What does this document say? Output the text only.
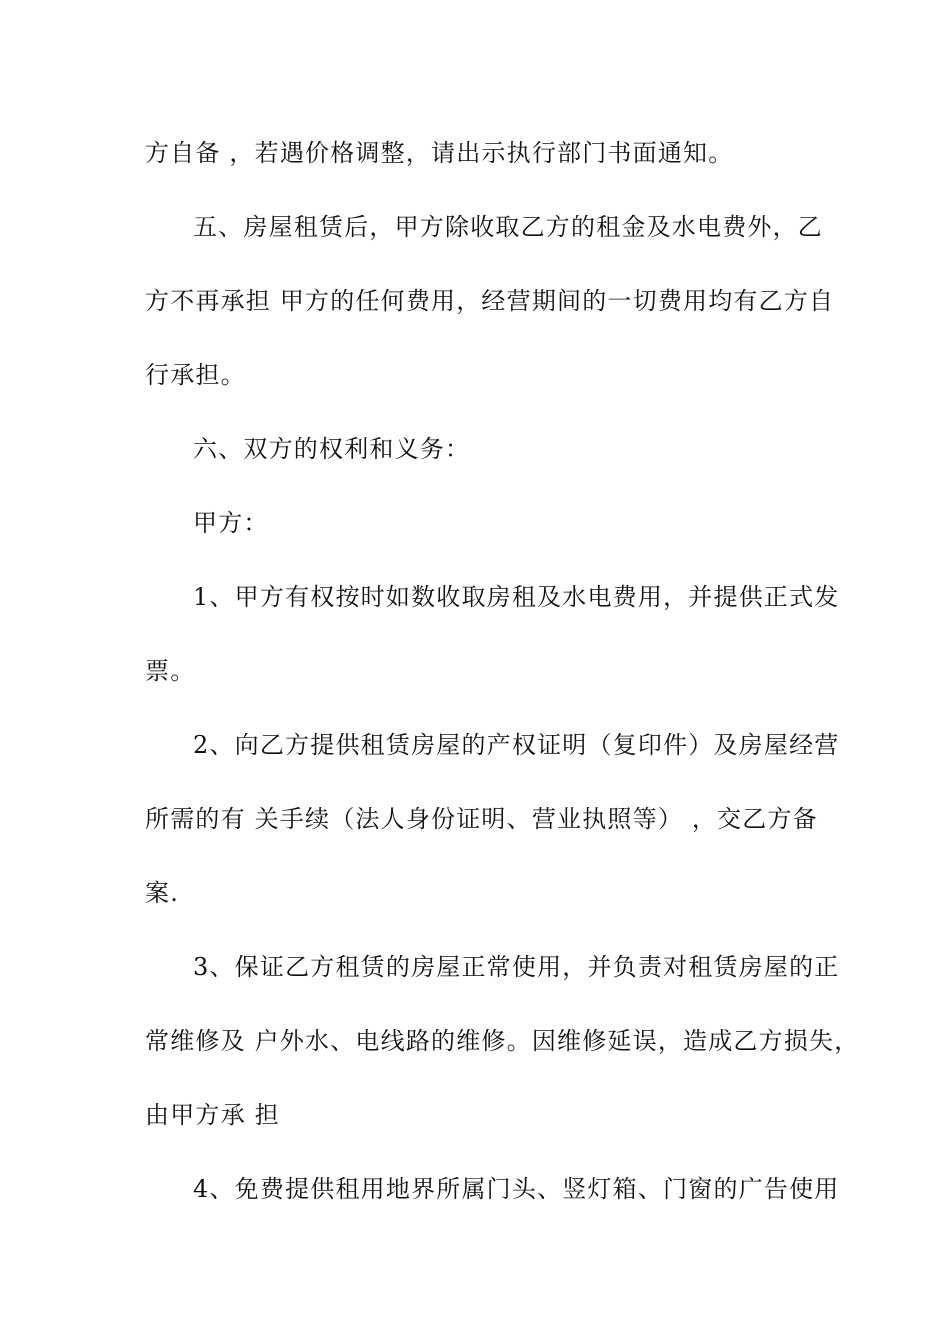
方自备 ，若遇价格调整，请出示执行部门书面通知。
五、房屋租赁后，甲方除收取乙方的租金及水电费外，乙
方不再承担 甲方的任何费用，经营期间的一切费用均有乙方自
行承担。
六、双方的权利和义务：
甲方：
1、甲方有权按时如数收取房租及水电费用，并提供正式发
票。
2、向乙方提供租赁房屋的产权证明（复印件）及房屋经营
所需的有 关手续（法人身份证明、营业执照等） ，交乙方备
案.
3、保证乙方租赁的房屋正常使用，并负责对租赁房屋的正
常维修及 户外水、电线路的维修。因维修延误，造成乙方损失，
由甲方承 担
4、免费提供租用地界所属门头、竖灯箱、门窗的广告使用
